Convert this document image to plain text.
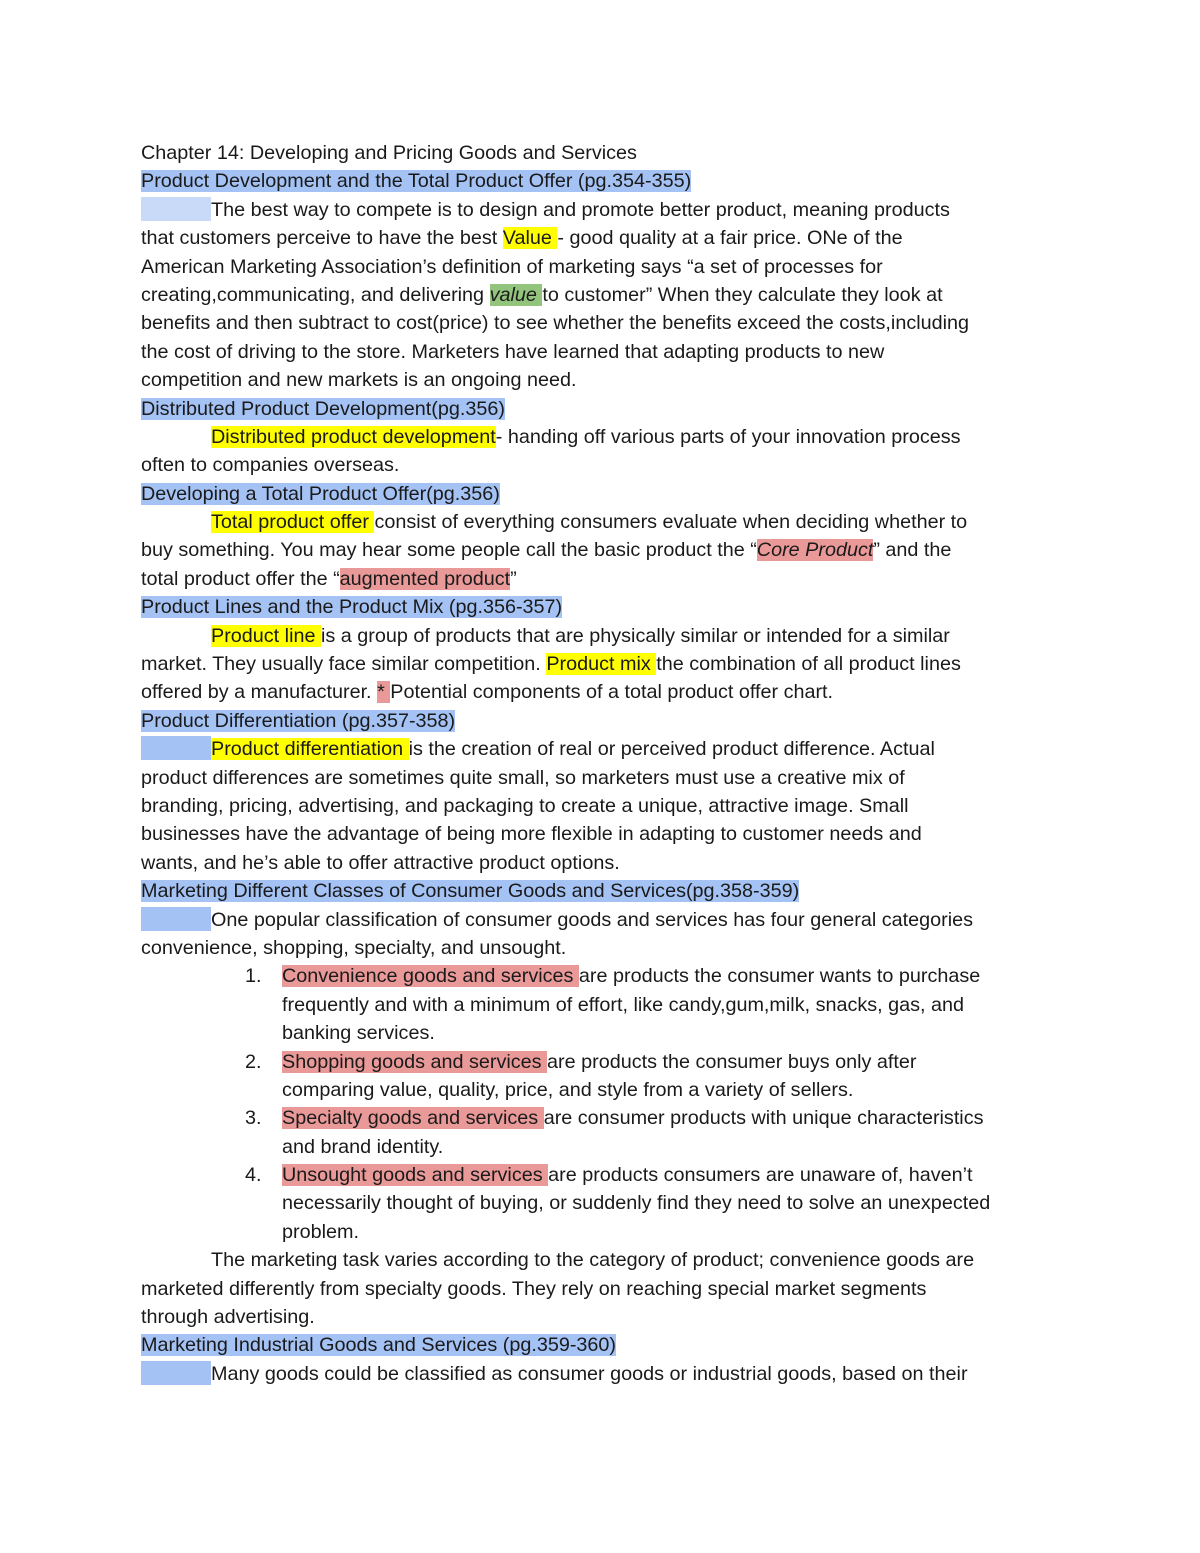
Chapter 14: Developing and Pricing Goods and Services
Product Development and the Total Product Offer (pg.354-355)
The best way to compete is to design and promote better product, meaning products
that customers perceive to have the best Value - good quality at a fair price. ONe of the
American Marketing Association’s definition of marketing says “a set of processes for
creating,communicating, and delivering value to customer” When they calculate they look at
benefits and then subtract to cost(price) to see whether the benefits exceed the costs,including
the cost of driving to the store. Marketers have learned that adapting products to new
competition and new markets is an ongoing need.
Distributed Product Development(pg.356)
Distributed product development- handing off various parts of your innovation process
often to companies overseas.
Developing a Total Product Offer(pg.356)
Total product offer consist of everything consumers evaluate when deciding whether to
buy something. You may hear some people call the basic product the “Core Product” and the
total product offer the “augmented product”
Product Lines and the Product Mix (pg.356-357)
Product line is a group of products that are physically similar or intended for a similar
market. They usually face similar competition. Product mix the combination of all product lines
offered by a manufacturer. * Potential components of a total product offer chart.
Product Differentiation (pg.357-358)
Product differentiation is the creation of real or perceived product difference. Actual
product differences are sometimes quite small, so marketers must use a creative mix of
branding, pricing, advertising, and packaging to create a unique, attractive image. Small
businesses have the advantage of being more flexible in adapting to customer needs and
wants, and he’s able to offer attractive product options.
Marketing Different Classes of Consumer Goods and Services(pg.358-359)
One popular classification of consumer goods and services has four general categories
convenience, shopping, specialty, and unsought.
1. Convenience goods and services are products the consumer wants to purchase
frequently and with a minimum of effort, like candy,gum,milk, snacks, gas, and
banking services.
2. Shopping goods and services are products the consumer buys only after
comparing value, quality, price, and style from a variety of sellers.
3. Specialty goods and services are consumer products with unique characteristics
and brand identity.
4. Unsought goods and services are products consumers are unaware of, haven’t
necessarily thought of buying, or suddenly find they need to solve an unexpected
problem.
The marketing task varies according to the category of product; convenience goods are
marketed differently from specialty goods. They rely on reaching special market segments
through advertising.
Marketing Industrial Goods and Services (pg.359-360)
Many goods could be classified as consumer goods or industrial goods, based on their
